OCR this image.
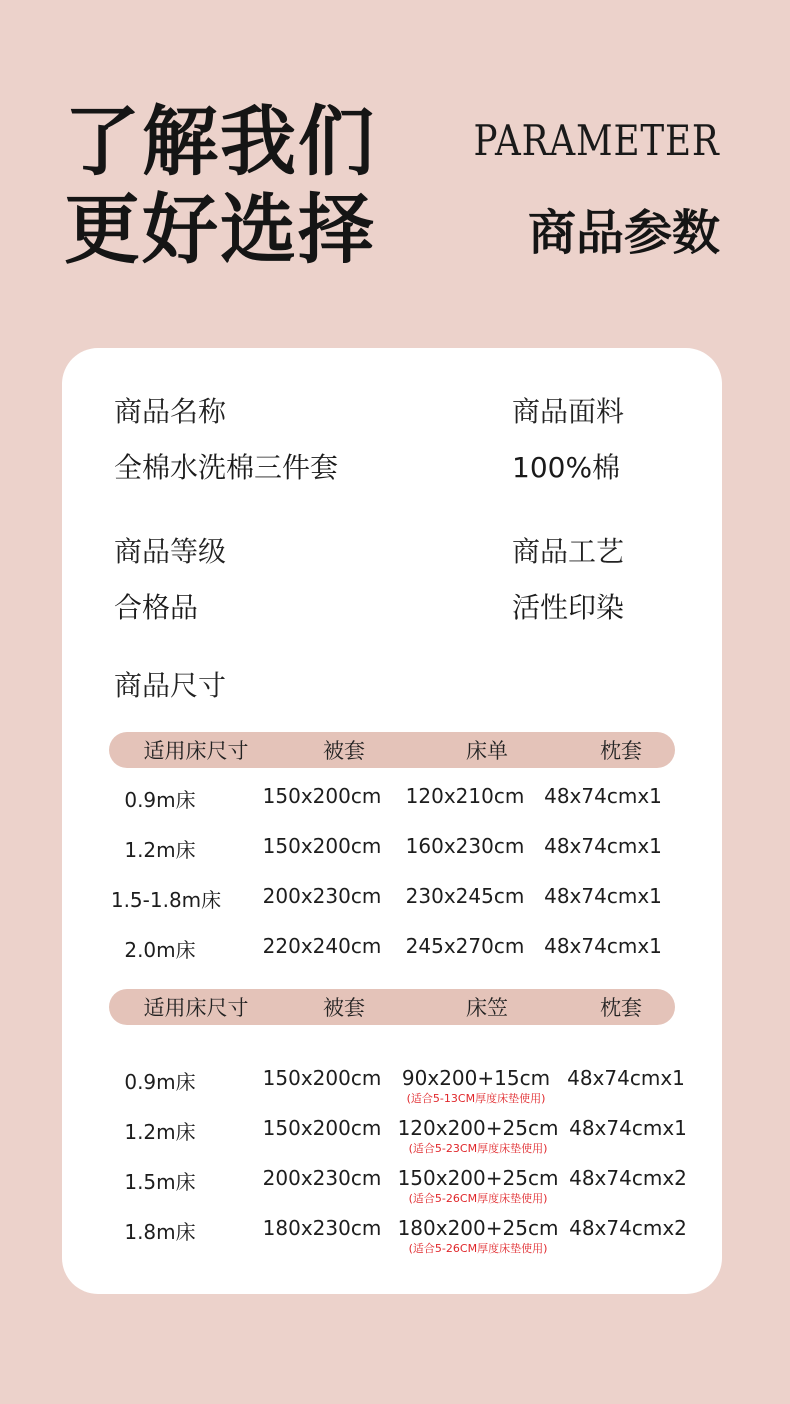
了解我们
更好选择
PARAMETER
商品参数
商品名称
全棉水洗棉三件套
商品面料
100%棉
商品等级
合格品
商品工艺
活性印染
商品尺寸
适用床尺寸	被套	床单	枕套
0.9m床	150x200cm 120x210cm 48x74cmx1
1.2m床	150x200cm 160x230cm 48x74cmx1
1.5-1.8m床 200x230cm 230x245cm 48x74cmx1
2.0m床	220x240cm 245x270cm 48x74cmx1
适用床尺寸	被套	床笠	枕套
0.9m床	150x200cm 90x200+15cm 48x74cmx1
(适合5-13CM厚度床垫使用)
1.2m床	150x200cm 120x200+25cm 48x74cmx1
(适合5-23CM厚度床垫使用)
1.5m床	200x230cm 150x200+25cm 48x74cmx2
(适合5-26CM厚度床垫使用)
1.8m床	180x230cm 180x200+25cm 48x74cmx2
(适合5-26CM厚度床垫使用)
